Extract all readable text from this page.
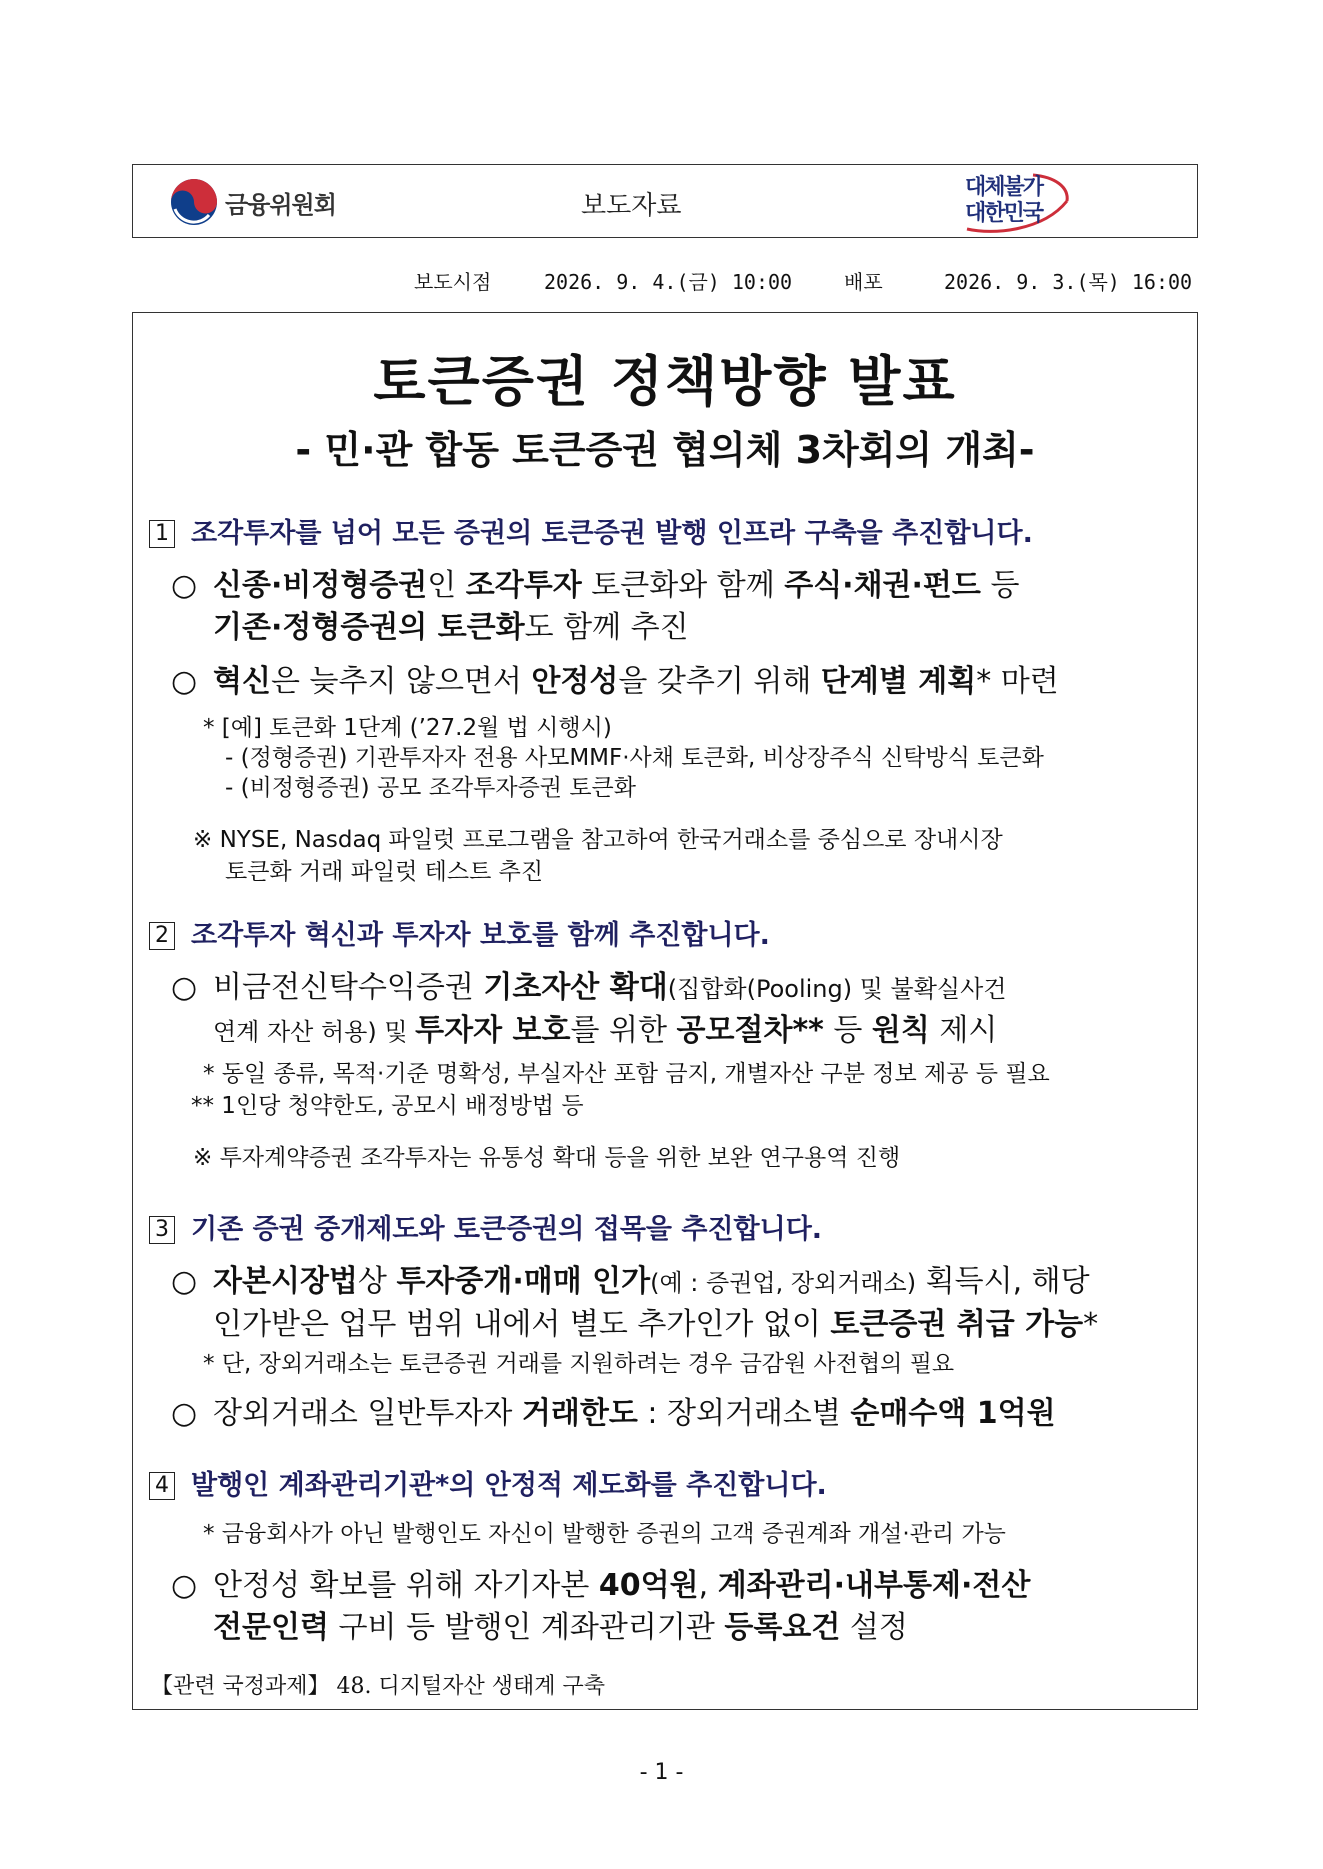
금융위원회	보도자료
대체불가
대한민국
보도시점	2026. 9. 4.(금) 10:00	배포	2026. 9. 3.(목) 16:00
토큰증권 정책방향 발표
- 민·관 합동 토큰증권 협의체 3차회의 개최-
1 조각투자를 넘어 모든 증권의 토큰증권 발행 인프라 구축을 추진합니다.
○ 신종·비정형증권인 조각투자 토큰화와 함께 주식·채권·펀드 등
기존·정형증권의 토큰화도 함께 추진
○ 혁신은 늦추지 않으면서 안정성을 갖추기 위해 단계별 계획* 마련
* [예] 토큰화 1단계 (’27.2월 법 시행시)
- (정형증권) 기관투자자 전용 사모MMF·사채 토큰화, 비상장주식 신탁방식 토큰화
- (비정형증권) 공모 조각투자증권 토큰화
※ NYSE, Nasdaq 파일럿 프로그램을 참고하여 한국거래소를 중심으로 장내시장
토큰화 거래 파일럿 테스트 추진
2 조각투자 혁신과 투자자 보호를 함께 추진합니다.
○ 비금전신탁수익증권 기초자산 확대(집합화(Pooling) 및 불확실사건
연계 자산 허용) 및 투자자 보호를 위한 공모절차** 등 원칙 제시
* 동일 종류, 목적·기준 명확성, 부실자산 포함 금지, 개별자산 구분 정보 제공 등 필요
** 1인당 청약한도, 공모시 배정방법 등
※ 투자계약증권 조각투자는 유통성 확대 등을 위한 보완 연구용역 진행
3 기존 증권 중개제도와 토큰증권의 접목을 추진합니다.
○ 자본시장법상 투자중개·매매 인가(예 : 증권업, 장외거래소) 획득시, 해당
인가받은 업무 범위 내에서 별도 추가인가 없이 토큰증권 취급 가능*
* 단, 장외거래소는 토큰증권 거래를 지원하려는 경우 금감원 사전협의 필요
○ 장외거래소 일반투자자 거래한도 : 장외거래소별 순매수액 1억원
4 발행인 계좌관리기관*의 안정적 제도화를 추진합니다.
* 금융회사가 아닌 발행인도 자신이 발행한 증권의 고객 증권계좌 개설·관리 가능
○ 안정성 확보를 위해 자기자본 40억원, 계좌관리·내부통제·전산
전문인력 구비 등 발행인 계좌관리기관 등록요건 설정
【관련 국정과제】 48. 디지털자산 생태계 구축
- 1 -
